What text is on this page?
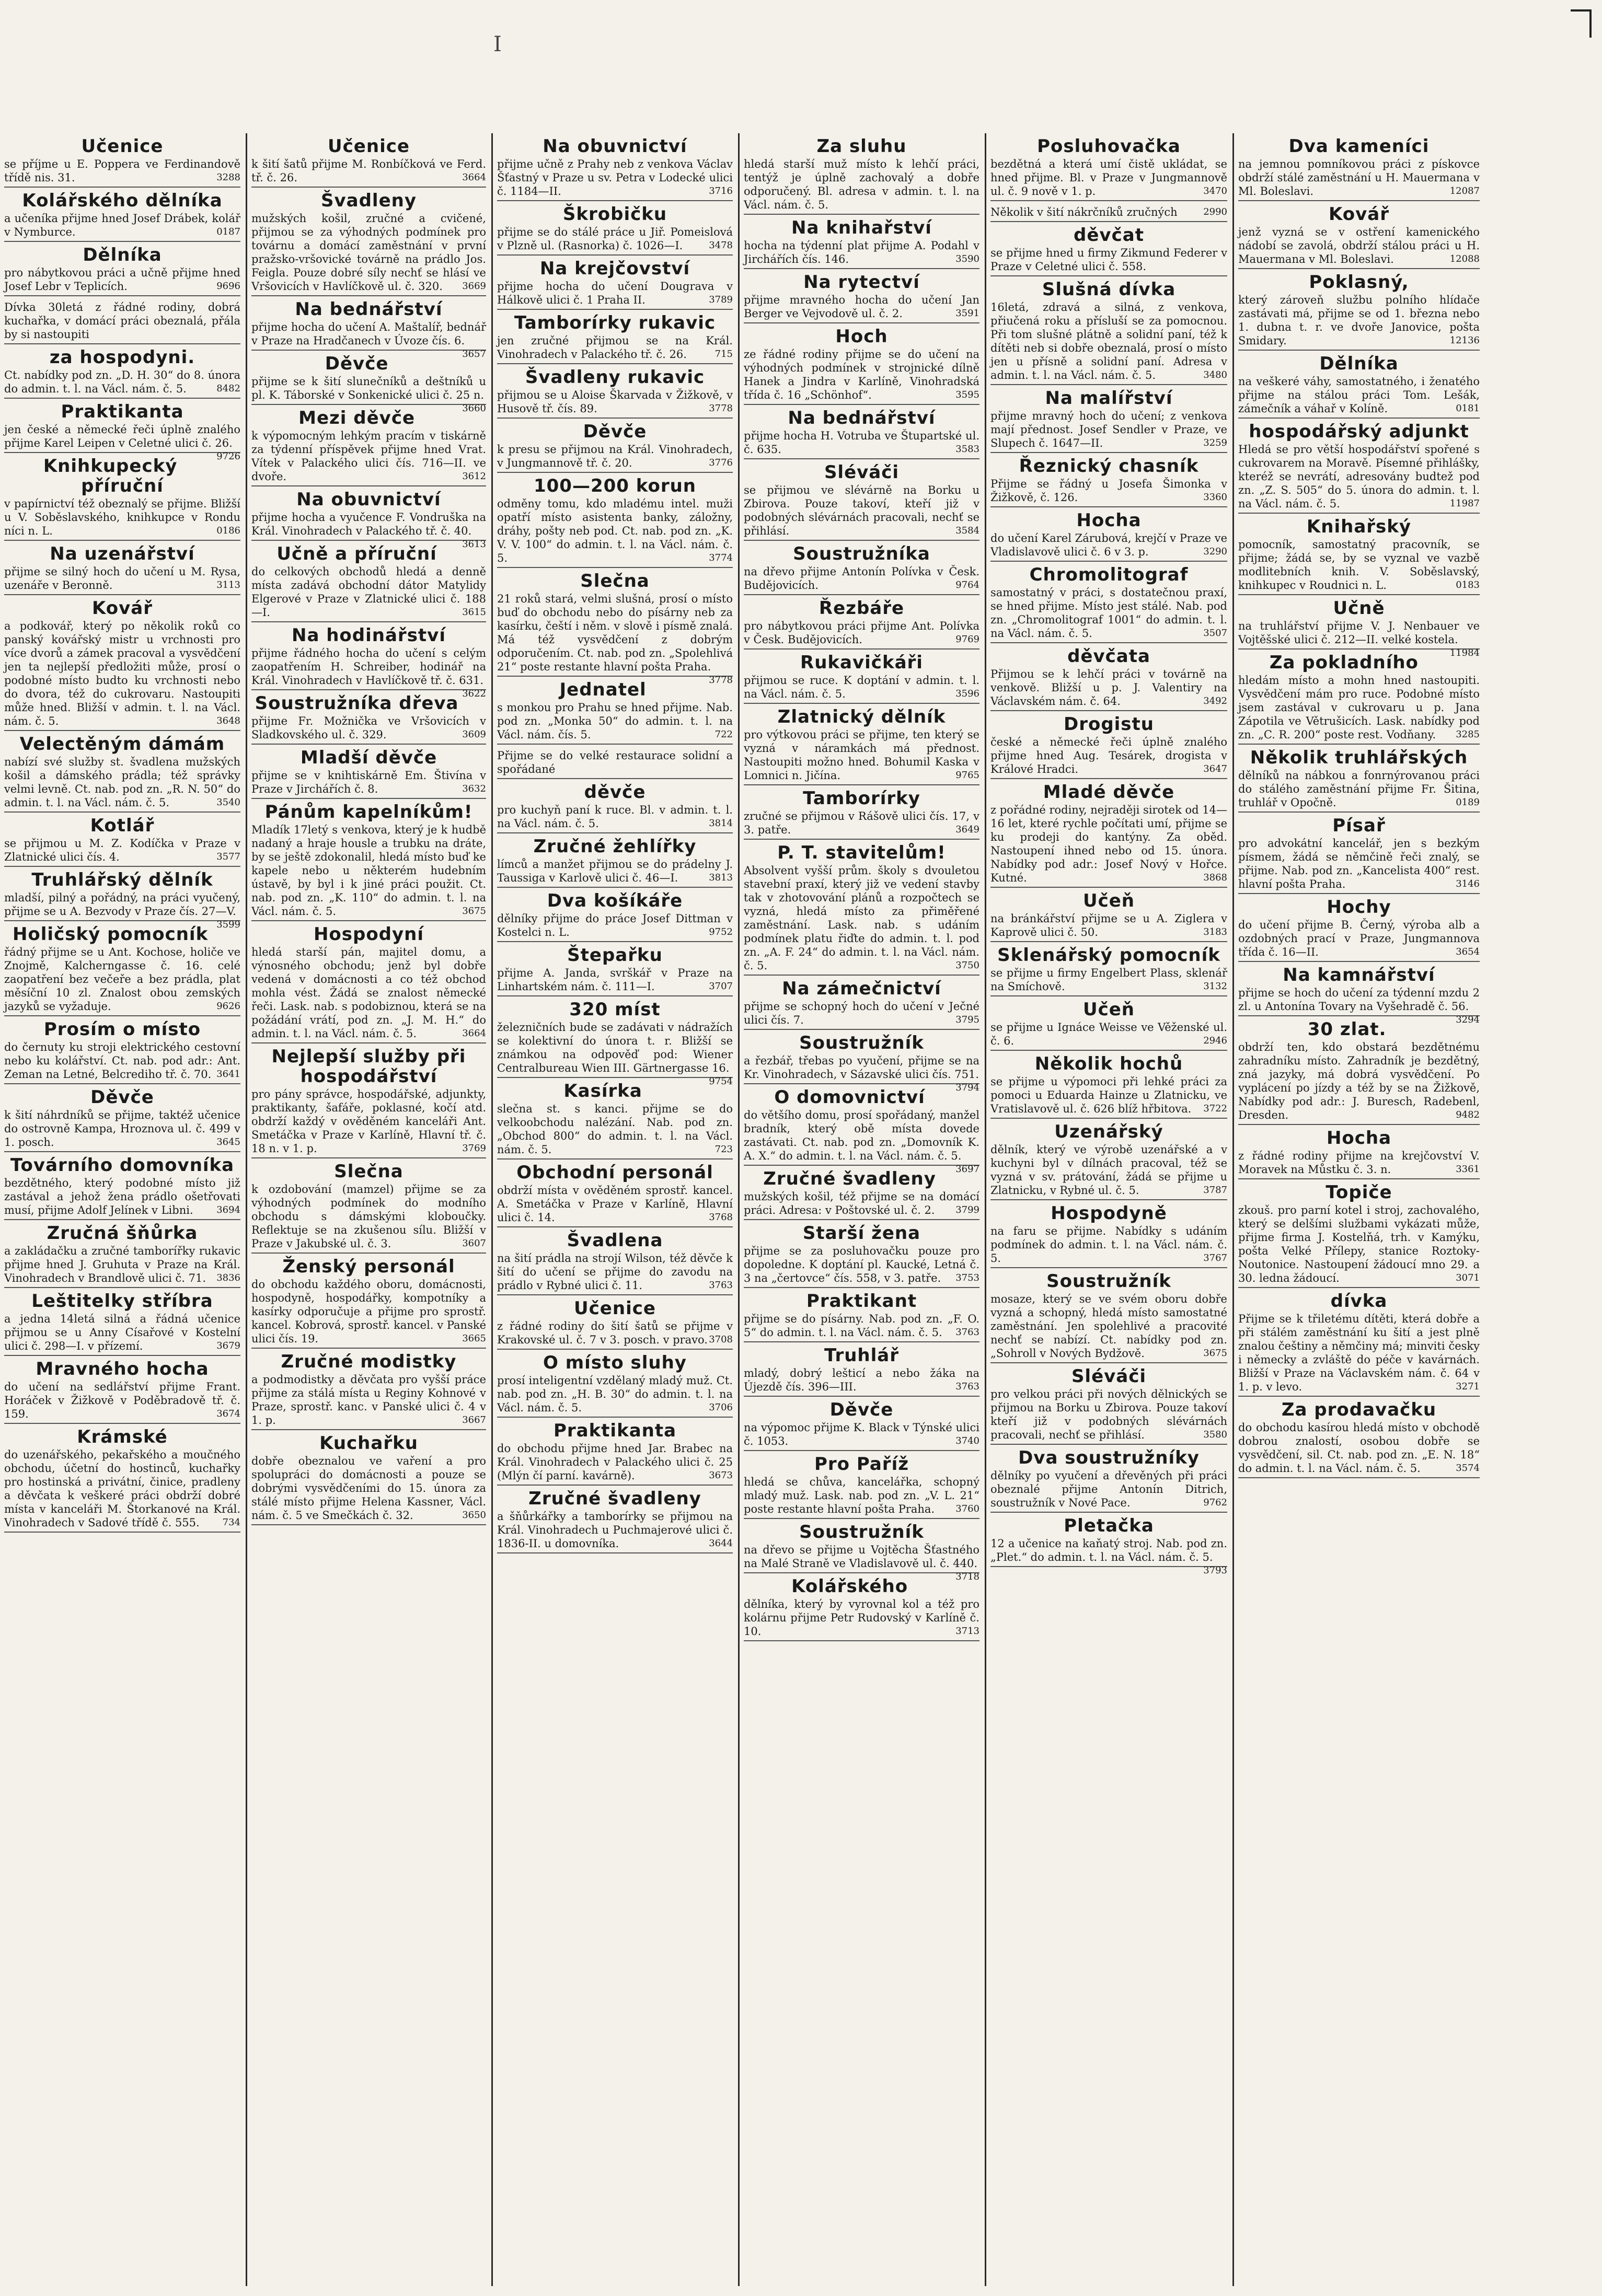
I
Učenice

se příjme u E. Poppera ve Ferdinandově třídě nis. 31.	3288

Kolářského dělníka

a učeníka přijme hned Josef Drábek, kolář v Nymburce.	0187

Dělníka

pro nábytkovou práci a učně přijme hned Josef Lebr v Teplicích.	9696

Dívka 30letá z řádné rodiny, dobrá kuchařka, v domácí práci obeznalá, přála by si nastoupiti

za hospodyni.

Ct. nabídky pod zn. „D. H. 30“ do 8. února do admin. t. l. na Václ. nám. č. 5.	8482

Praktikanta

jen české a německé řeči úplně znalého přijme Karel Leipen v Celetné ulici č. 26.
9726

Knihkupecký příruční

v papírnictví též obeznalý se přijme. Bližší u V. Soběslavského, knihkupce v Rondu níci n. L.	0186

Na uzenářství

přijme se silný hoch do učení u M. Rysa, uzenáře v Beronně.	3113

Kovář

a podkovář, který po několik roků co panský kovářský mistr u vrchnosti pro více dvorů a zámek pracoval a vysvědčení jen ta nejlepší předložiti může, prosí o podobné místo budto ku vrchnosti nebo do dvora, též do cukrovaru. Nastoupiti může hned. Bližší v admin. t. l. na Václ. nám. č. 5.	3648

Velectěným dámám

nabízí své služby st. švadlena mužských košil a dámského prádla; též správky velmi levně. Ct. nab. pod zn. „R. N. 50“ do admin. t. l. na Václ. nám. č. 5.	3540

Kotlář

se přijmou u M. Z. Kodíčka v Praze v Zlatnické ulici čís. 4.	3577

Truhlářský dělník

mladší, pilný a pořádný, na práci vyučený, přijme se u A. Bezvody v Praze čís. 27—V.
3599

Holičský pomocník

řádný přijme se u Ant. Kochose, holiče ve Znojmě, Kalcherngasse č. 16. celé zaopatření bez večeře a bez prádla, plat měsíční 10 zl. Znalost obou zemských jazyků se vyžaduje.	9626

Prosím o místo

do černuty ku stroji elektrického cestovní nebo ku kolářství. Ct. nab. pod adr.: Ant. Zeman na Letné, Belcrediho tř. č. 70. 3641

Děvče

k šití náhrdníků se přijme, taktéž učenice do ostrovně Kampa, Hroznova ul. č. 499 v 1. posch.	3645

Továrního domovníka

bezdětného, který podobné místo již zastával a jehož žena prádlo ošetřovati musí, přijme Adolf Jelínek v Libni. 3694

Zručná šňůrka

a zakládačku a zručné tamborířky rukavic přijme hned J. Gruhuta v Praze na Král. Vinohradech v Brandlově ulici č. 71. 3836

Leštitelky stříbra

a jedna 14letá silná a řádná učenice přijmou se u Anny Císařové v Kostelní ulici č. 298—I. v přízemí.	3679

Mravného hocha

do učení na sedlářství přijme Frant. Horáček v Žižkově v Poděbradově tř. č. 159.	3674

Krámské

do uzenářského, pekařského a moučného obchodu, účetní do hostinců, kuchařky pro hostinská a privátní, činice, pradleny a děvčata k veškeré práci obdrží dobré místa v kanceláři M. Štorkanové na Král. Vinohradech v Sadové třídě č. 555. 734

Učenice

k šití šatů přijme M. Ronbíčková ve Ferd. tř. č. 26.	3664

Švadleny

mužských košil, zručné a cvičené, přijmou se za výhodných podmínek pro továrnu a domácí zaměstnání v první pražsko-vršovické továrně na prádlo Jos. Feigla. Pouze dobré síly nechť se hlásí ve Vršovicích v Havlíčkově ul. č. 320. 3669

Na bednářství

přijme hocha do učení A. Maštalíř, bednář v Praze na Hradčanech v Úvoze čís. 6.
3657

Děvče

přijme se k šití slunečníků a deštníků u pl. K. Táborské v Sonkenické ulici č. 25 n.
3660

Mezi děvče

k výpomocným lehkým pracím v tiskárně za týdenní příspěvek přijme hned Vrat. Vítek v Palackého ulici čís. 716—II. ve dvoře.	3612

Na obuvnictví

přijme hocha a vyučence F. Vondruška na Král. Vinohradech v Palackého tř. č. 40.
3613

Učně a příruční

do celkových obchodů hledá a denně místa zadává obchodní dátor Matylidy Elgerové v Praze v Zlatnické ulici č. 188—I.	3615

Na hodinářství

přijme řádného hocha do učení s celým zaopatřením H. Schreiber, hodinář na Král. Vinohradech v Havlíčkově tř. č. 631.
3622

Soustružníka dřeva

přijme Fr. Možnička ve Vršovicích v Sladkovského ul. č. 329.	3609

Mladší děvče

přijme se v knihtiskárně Em. Štivína v Praze v Jirchářích č. 8.	3632

Pánům kapelníkům!

Mladík 17letý s venkova, který je k hudbě nadaný a hraje housle a trubku na dráte, by se ještě zdokonalil, hledá místo buď ke kapele nebo u některém hudebním ústavě, by byl i k jiné práci použit. Ct. nab. pod zn. „K. 110“ do admin. t. l. na Václ. nám. č. 5.	3675

Hospodyní

hledá starší pán, majitel domu, a výnosného obchodu; jenž byl dobře vedená v domácnosti a co též obchod mohla vést. Žádá se znalost německé řeči. Lask. nab. s podobiznou, která se na požádání vrátí, pod zn. „J. M. H.“ do admin. t. l. na Václ. nám. č. 5.	3664

Nejlepší služby při hospodářství

pro pány správce, hospodářské, adjunkty, praktikanty, šafáře, poklasné, kočí atd. obdrží každý v ověděném kanceláři Ant. Smetáčka v Praze v Karlíně, Hlavní tř. č. 18 n. v 1. p.	3769

Slečna

k ozdobování (mamzel) přijme se za výhodných podmínek do modního obchodu s dámskými kloboučky. Reflektuje se na zkušenou sílu. Bližší v Praze v Jakubské ul. č. 3.	3607

Ženský personál

do obchodu každého oboru, domácnosti, hospodyně, hospodářky, kompotníky a kasírky odporučuje a přijme pro sprostř. kancel. Kobrová, sprostř. kancel. v Panské ulici čís. 19.	3665

Zručné modistky

a podmodistky a děvčata pro vyšší práce přijme za stálá místa u Reginy Kohnové v Praze, sprostř. kanc. v Panské ulici č. 4 v 1. p.	3667

Kuchařku

dobře obeznalou ve vaření a pro spolupráci do domácnosti a pouze se dobrými vysvědčeními do 15. února za stálé místo přijme Helena Kassner, Václ. nám. č. 5 ve Smečkách č. 32.	3650

Na obuvnictví

přijme učně z Prahy neb z venkova Václav Šťastný v Praze u sv. Petra v Lodecké ulici č. 1184—II.	3716

Škrobičku

přijme se do stálé práce u Jiř. Pomeislová v Plzně ul. (Rasnorka) č. 1026—I.	3478

Na krejčovství

přijme hocha do učení Dougrava v Hálkově ulici č. 1 Praha II.	3789

Tamborírky rukavic

jen zručné přijmou se na Král. Vinohradech v Palackého tř. č. 26.	715

Švadleny rukavic

přijmou se u Aloise Škarvada v Žižkově, v Husově tř. čís. 89.	3778

Děvče

k presu se přijmou na Král. Vinohradech, v Jungmannově tř. č. 20.	3776

100—200 korun

odměny tomu, kdo mladému intel. muži opatří místo asistenta banky, záložny, dráhy, pošty neb pod. Ct. nab. pod zn. „K. V. V. 100“ do admin. t. l. na Václ. nám. č. 5.	3774

Slečna

21 roků stará, velmi slušná, prosí o místo buď do obchodu nebo do písárny neb za kasírku, čeští i něm. v slově i písmě znalá. Má též vysvědčení z dobrým odporučením. Ct. nab. pod zn. „Spolehlivá 21“ poste restante hlavní pošta Praha.
3778

Jednatel

s monkou pro Prahu se hned přijme. Nab. pod zn. „Monka 50“ do admin. t. l. na Václ. nám. čís. 5.	722

Přijme se do velké restaurace solidní a spořádané

děvče

pro kuchyň paní k ruce. Bl. v admin. t. l. na Václ. nám. č. 5.	3814

Zručné žehlířky

límců a manžet přijmou se do prádelny J. Taussiga v Karlově ulici č. 46—I.	3813

Dva košíkáře

dělníky přijme do práce Josef Dittman v Kostelci n. L.	9752

Štepařku

přijme A. Janda, svrškář v Praze na Linhartském nám. č. 111—I.	3707

320 míst

železničních bude se zadávati v nádražích se kolektivní do února t. r. Bližší se známkou na odpověď pod: Wiener Centralbureau Wien III. Gärtnergasse 16.
9754

Kasírka

slečna st. s kanci. přijme se do velkoobchodu nalézání. Nab. pod zn. „Obchod 800“ do admin. t. l. na Václ. nám. č. 5.	723

Obchodní personál

obdrží místa v ověděném sprostř. kancel. A. Smetáčka v Praze v Karlíně, Hlavní ulici č. 14.	3768

Švadlena

na šití prádla na strojí Wilson, též děvče k šití do učení se přijme do zavodu na prádlo v Rybné ulici č. 11.	3763

Učenice

z řádné rodiny do šití šatů se přijme v Krakovské ul. č. 7 v 3. posch. v pravo. 3708

O místo sluhy

prosí inteligentní vzdělaný mladý muž. Ct. nab. pod zn. „H. B. 30“ do admin. t. l. na Václ. nám. č. 5.	3706

Praktikanta

do obchodu přijme hned Jar. Brabec na Král. Vinohradech v Palackého ulici č. 25 (Mlýn čí parní. kavárně).	3673

Zručné švadleny

a šňůrkářky a tamborírky se přijmou na Král. Vinohradech u Puchmajerové ulici č. 1836-II. u domovníka.	3644

Za sluhu

hledá starší muž místo k lehčí práci, tentýž je úplně zachovalý a dobře odporučený. Bl. adresa v admin. t. l. na Václ. nám. č. 5.

Na knihařství

hocha na týdenní plat přijme A. Podahl v Jirchářích čís. 146.	3590

Na rytectví

přijme mravného hocha do učení Jan Berger ve Vejvodově ul. č. 2.	3591

Hoch

ze řádné rodiny přijme se do učení na výhodných podmínek v strojnické dílně Hanek a Jindra v Karlíně, Vinohradská třída č. 16 „Schönhof“.	3595

Na bednářství

přijme hocha H. Votruba ve Štupartské ul. č. 635.	3583

Sléváči

se přijmou ve slévárně na Borku u Zbirova. Pouze takoví, kteří již v podobných slévárnách pracovali, nechť se přihlásí.	3584

Soustružníka

na dřevo přijme Antonín Polívka v Česk. Budějovicích.	9764

Řezbáře

pro nábytkovou práci přijme Ant. Polívka v Česk. Budějovicích.	9769

Rukavičkáři

přijmou se ruce. K doptání v admin. t. l. na Václ. nám. č. 5.	3596

Zlatnický dělník

pro výtkovou práci se přijme, ten který se vyzná v náramkách má přednost. Nastoupiti možno hned. Bohumil Kaska v Lomnici n. Jičína.	9765

Tamborírky

zručné se přijmou v Rášově ulici čís. 17, v 3. patře.	3649

P. T. stavitelům!

Absolvent vyšší prům. školy s dvouletou stavební praxí, který již ve vedení stavby tak v zhotovování plánů a rozpočtech se vyzná, hledá místo za přiměřené zaměstnání. Lask. nab. s udáním podmínek platu řiďte do admin. t. l. pod zn. „A. F. 24“ do admin. t. l. na Václ. nám. č. 5.	3750

Na zámečnictví

přijme se schopný hoch do učení v Ječné ulici čís. 7.	3795

Soustružník

a řezbář, třebas po vyučení, přijme se na Kr. Vinohradech, v Sázavské ulici čís. 751.
3794

O domovnictví

do většího domu, prosí spořádaný, manžel bradník, který obě místa dovede zastávati. Ct. nab. pod zn. „Domovník K. A. X.“ do admin. t. l. na Václ. nám. č. 5.
3697

Zručné švadleny

mužských košil, též přijme se na domácí práci. Adresa: v Poštovské ul. č. 2. 3799

Starší žena

přijme se za posluhovačku pouze pro dopoledne. K doptání pl. Kaucké, Letná č. 3 na „čertovce“ čís. 558, v 3. patře. 3753

Praktikant

přijme se do písárny. Nab. pod zn. „F. O. 5“ do admin. t. l. na Václ. nám. č. 5. 3763

Truhlář

mladý, dobrý lešticí a nebo žáka na Újezdě čís. 396—III.	3763

Děvče

na výpomoc přijme K. Black v Týnské ulici č. 1053.	3740

Pro Paříž

hledá se chůva, kancelářka, schopný mladý muž. Lask. nab. pod zn. „V. L. 21“ poste restante hlavní pošta Praha. 3760

Soustružník

na dřevo se přijme u Vojtěcha Šťastného na Malé Straně ve Vladislavově ul. č. 440.
3718

Kolářského

dělníka, který by vyrovnal kol a též pro kolárnu přijme Petr Rudovský v Karlíně č. 10.	3713

Posluhovačka

bezdětná a která umí čistě ukládat, se hned přijme. Bl. v Praze v Jungmannově ul. č. 9 nově v 1. p.	3470

Několik v šití nákrčníků zručných	2990

děvčat

se přijme hned u firmy Zikmund Federer v Praze v Celetné ulici č. 558.

Slušná dívka

16letá, zdravá a silná, z venkova, přiučená roku a přísluší se za pomocnou. Při tom slušné plátně a solidní paní, též k dítěti neb si dobře obeznalá, prosí o místo jen u přísně a solidní paní. Adresa v admin. t. l. na Václ. nám. č. 5.	3480

Na malířství

přijme mravný hoch do učení; z venkova mají přednost. Josef Sendler v Praze, ve Slupech č. 1647—II.	3259

Řeznický chasník

Přijme se řádný u Josefa Šimonka v Žižkově, č. 126.	3360

Hocha

do učení Karel Zárubová, krejčí v Praze ve Vladislavově ulici č. 6 v 3. p.	3290

Chromolitograf

samostatný v práci, s dostatečnou praxí, se hned přijme. Místo jest stálé. Nab. pod zn. „Chromolitograf 1001“ do admin. t. l. na Václ. nám. č. 5.	3507

děvčata

Přijmou se k lehčí práci v továrně na venkově. Bližší u p. J. Valentiry na Václavském nám. č. 64.	3492

Drogistu

české a německé řeči úplně znalého přijme hned Aug. Tesárek, drogista v Králové Hradci.	3647

Mladé děvče

z pořádné rodiny, nejraději sirotek od 14—16 let, které rychle počítati umí, přijme se ku prodeji do kantýny. Za oběd. Nastoupení ihned nebo od 15. února. Nabídky pod adr.: Josef Nový v Hořce. Kutné.	3868

Učeň

na bránkářství přijme se u A. Ziglera v Kaprově ulici č. 50.	3183

Sklenářský pomocník

se přijme u firmy Engelbert Plass, sklenář na Smíchově.	3132

Učeň

se přijme u Ignáce Weisse ve Věženské ul. č. 6.	2946

Několik hochů

se přijme u výpomoci při lehké práci za pomoci u Eduarda Hainze u Zlatnicku, ve Vratislavově ul. č. 626 blíž hřbitova. 3722

Uzenářský

dělník, který ve výrobě uzenářské a v kuchyni byl v dílnách pracoval, též se vyzná v sv. prátování, žádá se přijme u Zlatnicku, v Rybné ul. č. 5.	3787

Hospodyně

na faru se přijme. Nabídky s udáním podmínek do admin. t. l. na Václ. nám. č. 5.	3767

Soustružník

mosaze, který se ve svém oboru dobře vyzná a schopný, hledá místo samostatné zaměstnání. Jen spolehlivé a pracovité nechť se nabízí. Ct. nabídky pod zn. „Sohroll v Nových Bydžově.	3675

Sléváči

pro velkou práci při nových dělnických se přijmou na Borku u Zbirova. Pouze takoví kteří již v podobných slévárnách pracovali, nechť se přihlásí.	3580

Dva soustružníky

dělníky po vyučení a dřevěných při práci obeznalé přijme Antonín Ditrich, soustružník v Nové Pace.	9762

Pletačka

12 a učenice na kaňatý stroj. Nab. pod zn. „Plet.“ do admin. t. l. na Václ. nám. č. 5.
3793

Dva kameníci

na jemnou pomníkovou práci z pískovce obdrží stálé zaměstnání u H. Mauermana v Ml. Boleslavi.	12087

Kovář

jenž vyzná se v ostření kamenického nádobí se zavolá, obdrží stálou práci u H. Mauermana v Ml. Boleslavi.	12088

Poklasný,

který zároveň službu polního hlídače zastávati má, přijme se od 1. března nebo 1. dubna t. r. ve dvoře Janovice, pošta Smidary.	12136

Dělníka

na veškeré váhy, samostatného, i ženatého přijme na stálou práci Tom. Lešák, zámečník a váhař v Kolíně.	0181

hospodářský adjunkt

Hledá se pro větší hospodářství spořené s cukrovarem na Moravě. Písemné přihlášky, kteréž se nevrátí, adresovány budtež pod zn. „Z. S. 505“ do 5. února do admin. t. l. na Václ. nám. č. 5.	11987

Knihařský

pomocník, samostatný pracovník, se přijme; žádá se, by se vyznal ve vazbě modlitebních knih. V. Soběslavský, knihkupec v Roudnici n. L.	0183

Učně

na truhlářství přijme V. J. Nenbauer ve Vojtěšské ulici č. 212—II. velké kostela.
11984

Za pokladního

hledám místo a mohn hned nastoupiti. Vysvědčení mám pro ruce. Podobné místo jsem zastával v cukrovaru u p. Jana Zápotila ve Větrušicích. Lask. nabídky pod zn. „C. R. 200“ poste rest. Vodňany. 3285

Několik truhlářských

dělníků na nábkou a fonrnýrovanou práci do stálého zaměstnání přijme Fr. Šitina, truhlář v Opočně.	0189

Písař

pro advokátní kancelář, jen s bezkým písmem, žádá se němčině řeči znalý, se přijme. Nab. pod zn. „Kancelista 400“ rest. hlavní pošta Praha.	3146

Hochy

do učení přijme B. Černý, výroba alb a ozdobných prací v Praze, Jungmannova třída č. 16—II.	3654

Na kamnářství

přijme se hoch do učení za týdenní mzdu 2 zl. u Antonína Tovary na Vyšehradě č. 56.
3294

30 zlat.

obdrží ten, kdo obstará bezdětnému zahradníku místo. Zahradník je bezdětný, zná jazyky, má dobrá vysvědčení. Po vyplácení po jízdy a též by se na Žižkově, Nabídky pod adr.: J. Buresch, Radebenl, Dresden.	9482

Hocha

z řádné rodiny přijme na krejčovství V. Moravek na Můstku č. 3. n.	3361

Topiče

zkouš. pro parní kotel i stroj, zachovalého, který se delšími službami vykázati může, přijme firma J. Kostelňá, trh. v Kamýku, pošta Velké Přílepy, stanice Roztoky-Noutonice. Nastoupení žádoucí mno 29. a 30. ledna žádoucí.	3071

dívka

Přijme se k třiletému dítěti, která dobře a při stálém zaměstnání ku šití a jest plně znalou češtiny a němčiny má; minviti česky i německy a zvláště do péče v kavárnách. Bližší v Praze na Václavském nám. č. 64 v 1. p. v levo.	3271

Za prodavačku

do obchodu kasírou hledá místo v obchodě dobrou znalostí, osobou dobře se vysvědčení, sil. Ct. nab. pod zn. „E. N. 18“ do admin. t. l. na Václ. nám. č. 5.	3574
